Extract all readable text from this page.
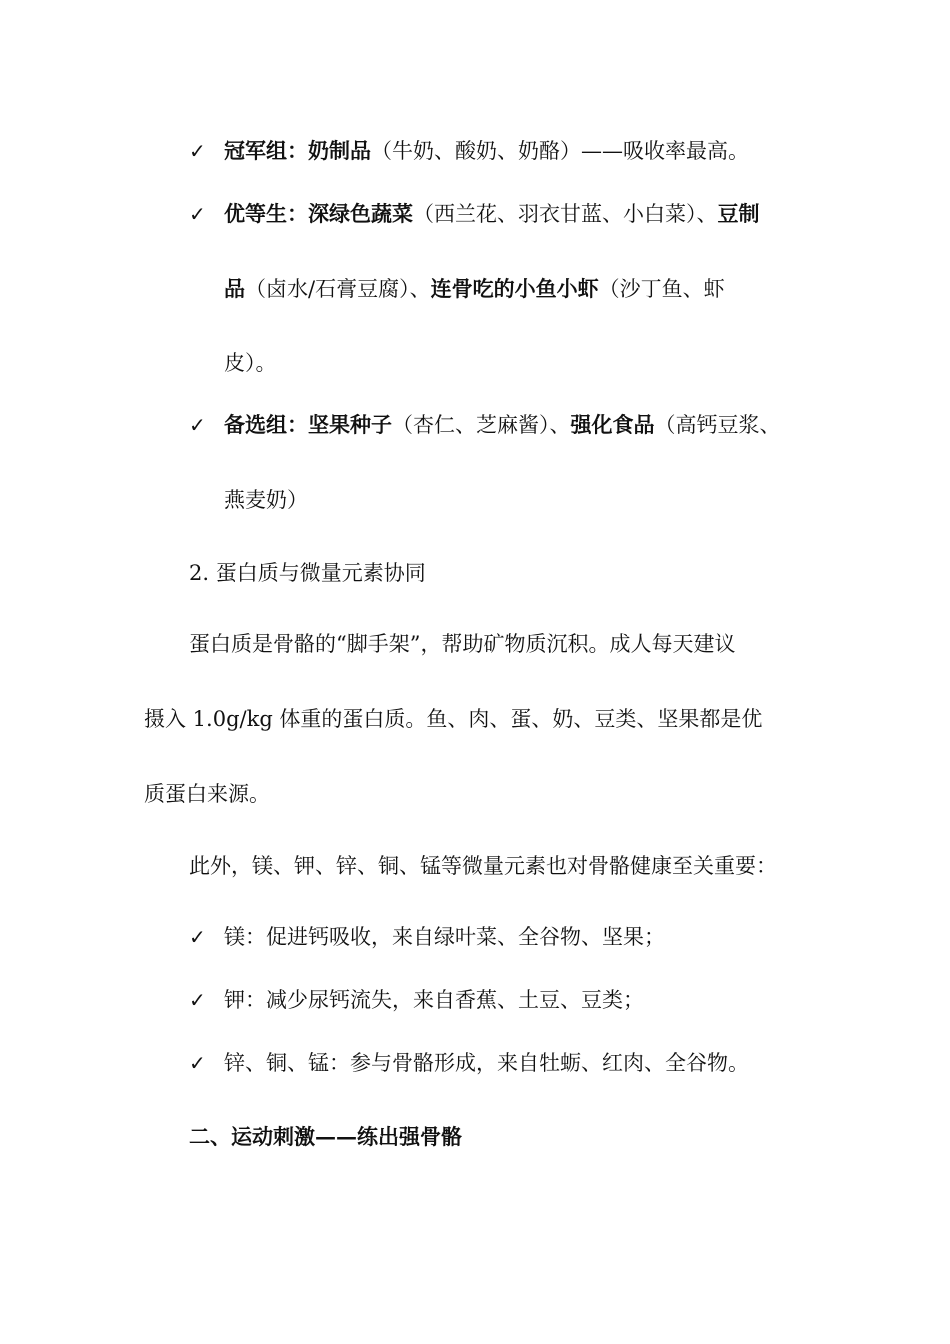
✓ 冠军组：奶制品（牛奶、酸奶、奶酪）——吸收率最高。
✓ 优等生：深绿色蔬菜（西兰花、羽衣甘蓝、小白菜）、豆制
品（卤水/石膏豆腐）、连骨吃的小鱼小虾（沙丁鱼、虾
皮）。
✓ 备选组：坚果种子（杏仁、芝麻酱）、强化食品（高钙豆浆、
燕麦奶）
2. 蛋白质与微量元素协同
蛋白质是骨骼的“脚手架”，帮助矿物质沉积。成人每天建议
摄入 1.0g/kg 体重的蛋白质。鱼、肉、蛋、奶、豆类、坚果都是优
质蛋白来源。
此外，镁、钾、锌、铜、锰等微量元素也对骨骼健康至关重要：
✓ 镁：促进钙吸收，来自绿叶菜、全谷物、坚果；
✓ 钾：减少尿钙流失，来自香蕉、土豆、豆类；
✓ 锌、铜、锰：参与骨骼形成，来自牡蛎、红肉、全谷物。
二、运动刺激——练出强骨骼
